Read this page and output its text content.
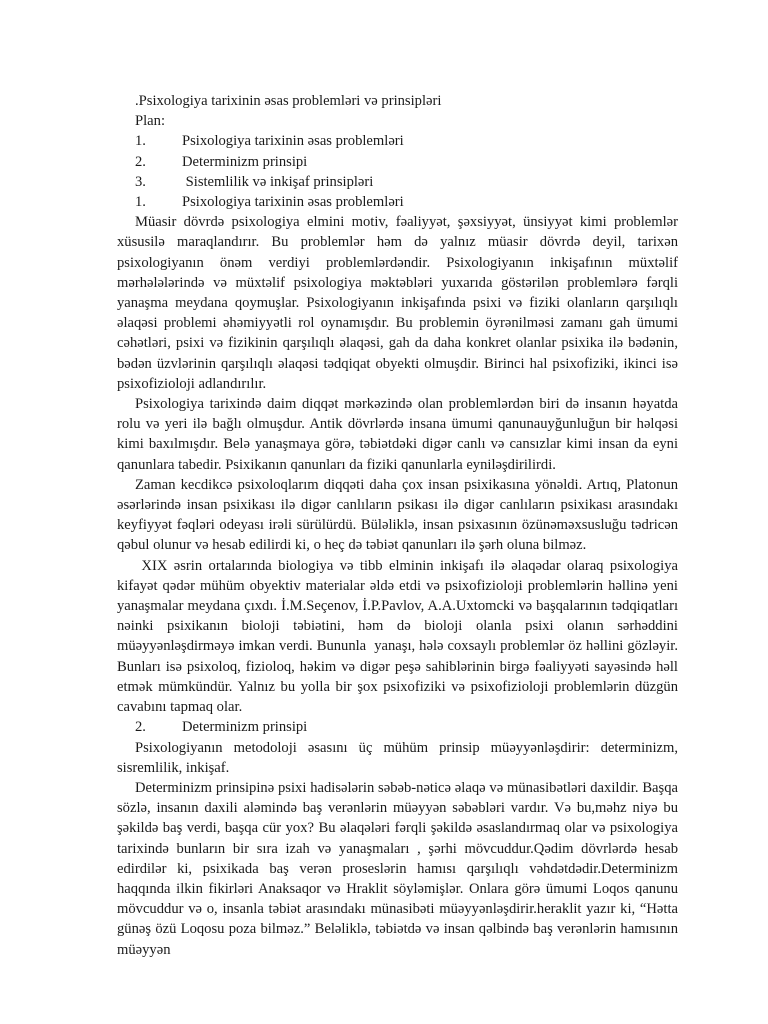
.Psixologiya tarixinin əsas problemləri və prinsipləri
Plan:
1.	Psixologiya tarixinin əsas problemləri
2.	Determinizm prinsipi
3.	Sistemlilik və inkişaf prinsipləri
1.	Psixologiya tarixinin əsas problemləri

Müasir dövrdə psixologiya elmini motiv, fəaliyyət, şəxsiyyət, ünsiyyət kimi problemlər xüsusilə maraqlandırır. Bu problemlər həm də yalnız müasir dövrdə deyil, tarixən psixologiyanın önəm verdiyi problemlərdəndir. Psixologiyanın inkişafının müxtəlif mərhələlərində və müxtəlif psixologiya məktəbləri yuxarıda göstərilən problemlərə fərqli yanaşma meydana qoymuşlar. Psixologiyanın inkişafında psixi və fiziki olanların qarşılıqlı əlaqəsi problemi əhəmiyyətli rol oynamışdır. Bu problemin öyrənilməsi zamanı gah ümumi cəhətləri, psixi və fizikinin qarşılıqlı əlaqəsi, gah da daha konkret olanlar psixika ilə bədənin, bədən üzvlərinin qarşılıqlı əlaqəsi tədqiqat obyekti olmuşdir. Birinci hal psixofiziki, ikinci isə psixofizioloji adlandırılır.

Psixologiya tarixində daim diqqət mərkəzində olan problemlərdən biri də insanın həyatda rolu və yeri ilə bağlı olmuşdur. Antik dövrlərdə insana ümumi qanunauyğunluğun bir həlqəsi kimi baxılmışdır. Belə yanaşmaya görə, təbiətdəki digər canlı və cansızlar kimi insan da eyni qanunlara tabedir. Psixikanın qanunları da fiziki qanunlarla eyniləşdirilirdi.

Zaman kecdikcə psixoloqlarım diqqəti daha çox insan psixikasına yönəldi. Artıq, Platonun əsərlərində insan psixikası ilə digər canlıların psikası ilə digər canlıların psixikası arasındakı keyfiyyət fəqləri odeyası irəli sürülürdü. Büləliklə, insan psixasının özünəməxsusluğu tədricən qəbul olunur və hesab edilirdi ki, o heç də təbiət qanunları ilə şərh oluna bilməz.

XIX əsrin ortalarında biologiya və tibb elminin inkişafı ilə əlaqədar olaraq psixologiya kifayət qədər mühüm obyektiv materialar əldə etdi və psixofizioloji problemlərin həllinə yeni yanaşmalar meydana çıxdı. İ.M.Seçenov, İ.P.Pavlov, A.A.Uxtomcki və başqalarının tədqiqatları nəinki psixikanın bioloji təbiətini, həm də bioloji olanla psixi olanın sərhəddini müəyyənləşdirməyə imkan verdi. Bununla  yanaşı, hələ coxsaylı problemlər öz həllini gözləyir. Bunları isə psixoloq, fizioloq, həkim və digər peşə sahiblərinin birgə fəaliyyəti sayəsində həll etmək mümkündür. Yalnız bu yolla bir şox psixofiziki və psixofizioloji problemlərin düzgün cavabını tapmaq olar.

2.	Determinizm prinsipi

Psixologiyanın metodoloji əsasını üç mühüm prinsip müəyyənləşdirir: determinizm, sisremlilik, inkişaf.

Determinizm prinsipinə psixi hadisələrin səbəb-nəticə əlaqə və münasibətləri daxildir. Başqa sözlə, insanın daxili aləmində baş verənlərin müəyyən səbəbləri vardır. Və bu,məhz niyə bu şəkildə baş verdi, başqa cür yox? Bu əlaqələri fərqli şəkildə əsaslandırmaq olar və psixologiya tarixində bunların bir sıra izah və yanaşmaları , şərhi mövcuddur.Qədim dövrlərdə hesab edirdilər ki, psixikada baş verən proseslərin hamısı qarşılıqlı vəhdətdədir.Determinizm haqqında ilkin fikirləri Anaksaqor və Hraklit söyləmişlər. Onlara görə ümumi Loqos qanunu mövcuddur və o, insanla təbiət arasındakı münasibəti müəyyənləşdirir.heraklit yazır ki, “Hətta günəş özü Loqosu poza bilməz.” Beləliklə, təbiətdə və insan qəlbində baş verənlərin hamısının müəyyən
